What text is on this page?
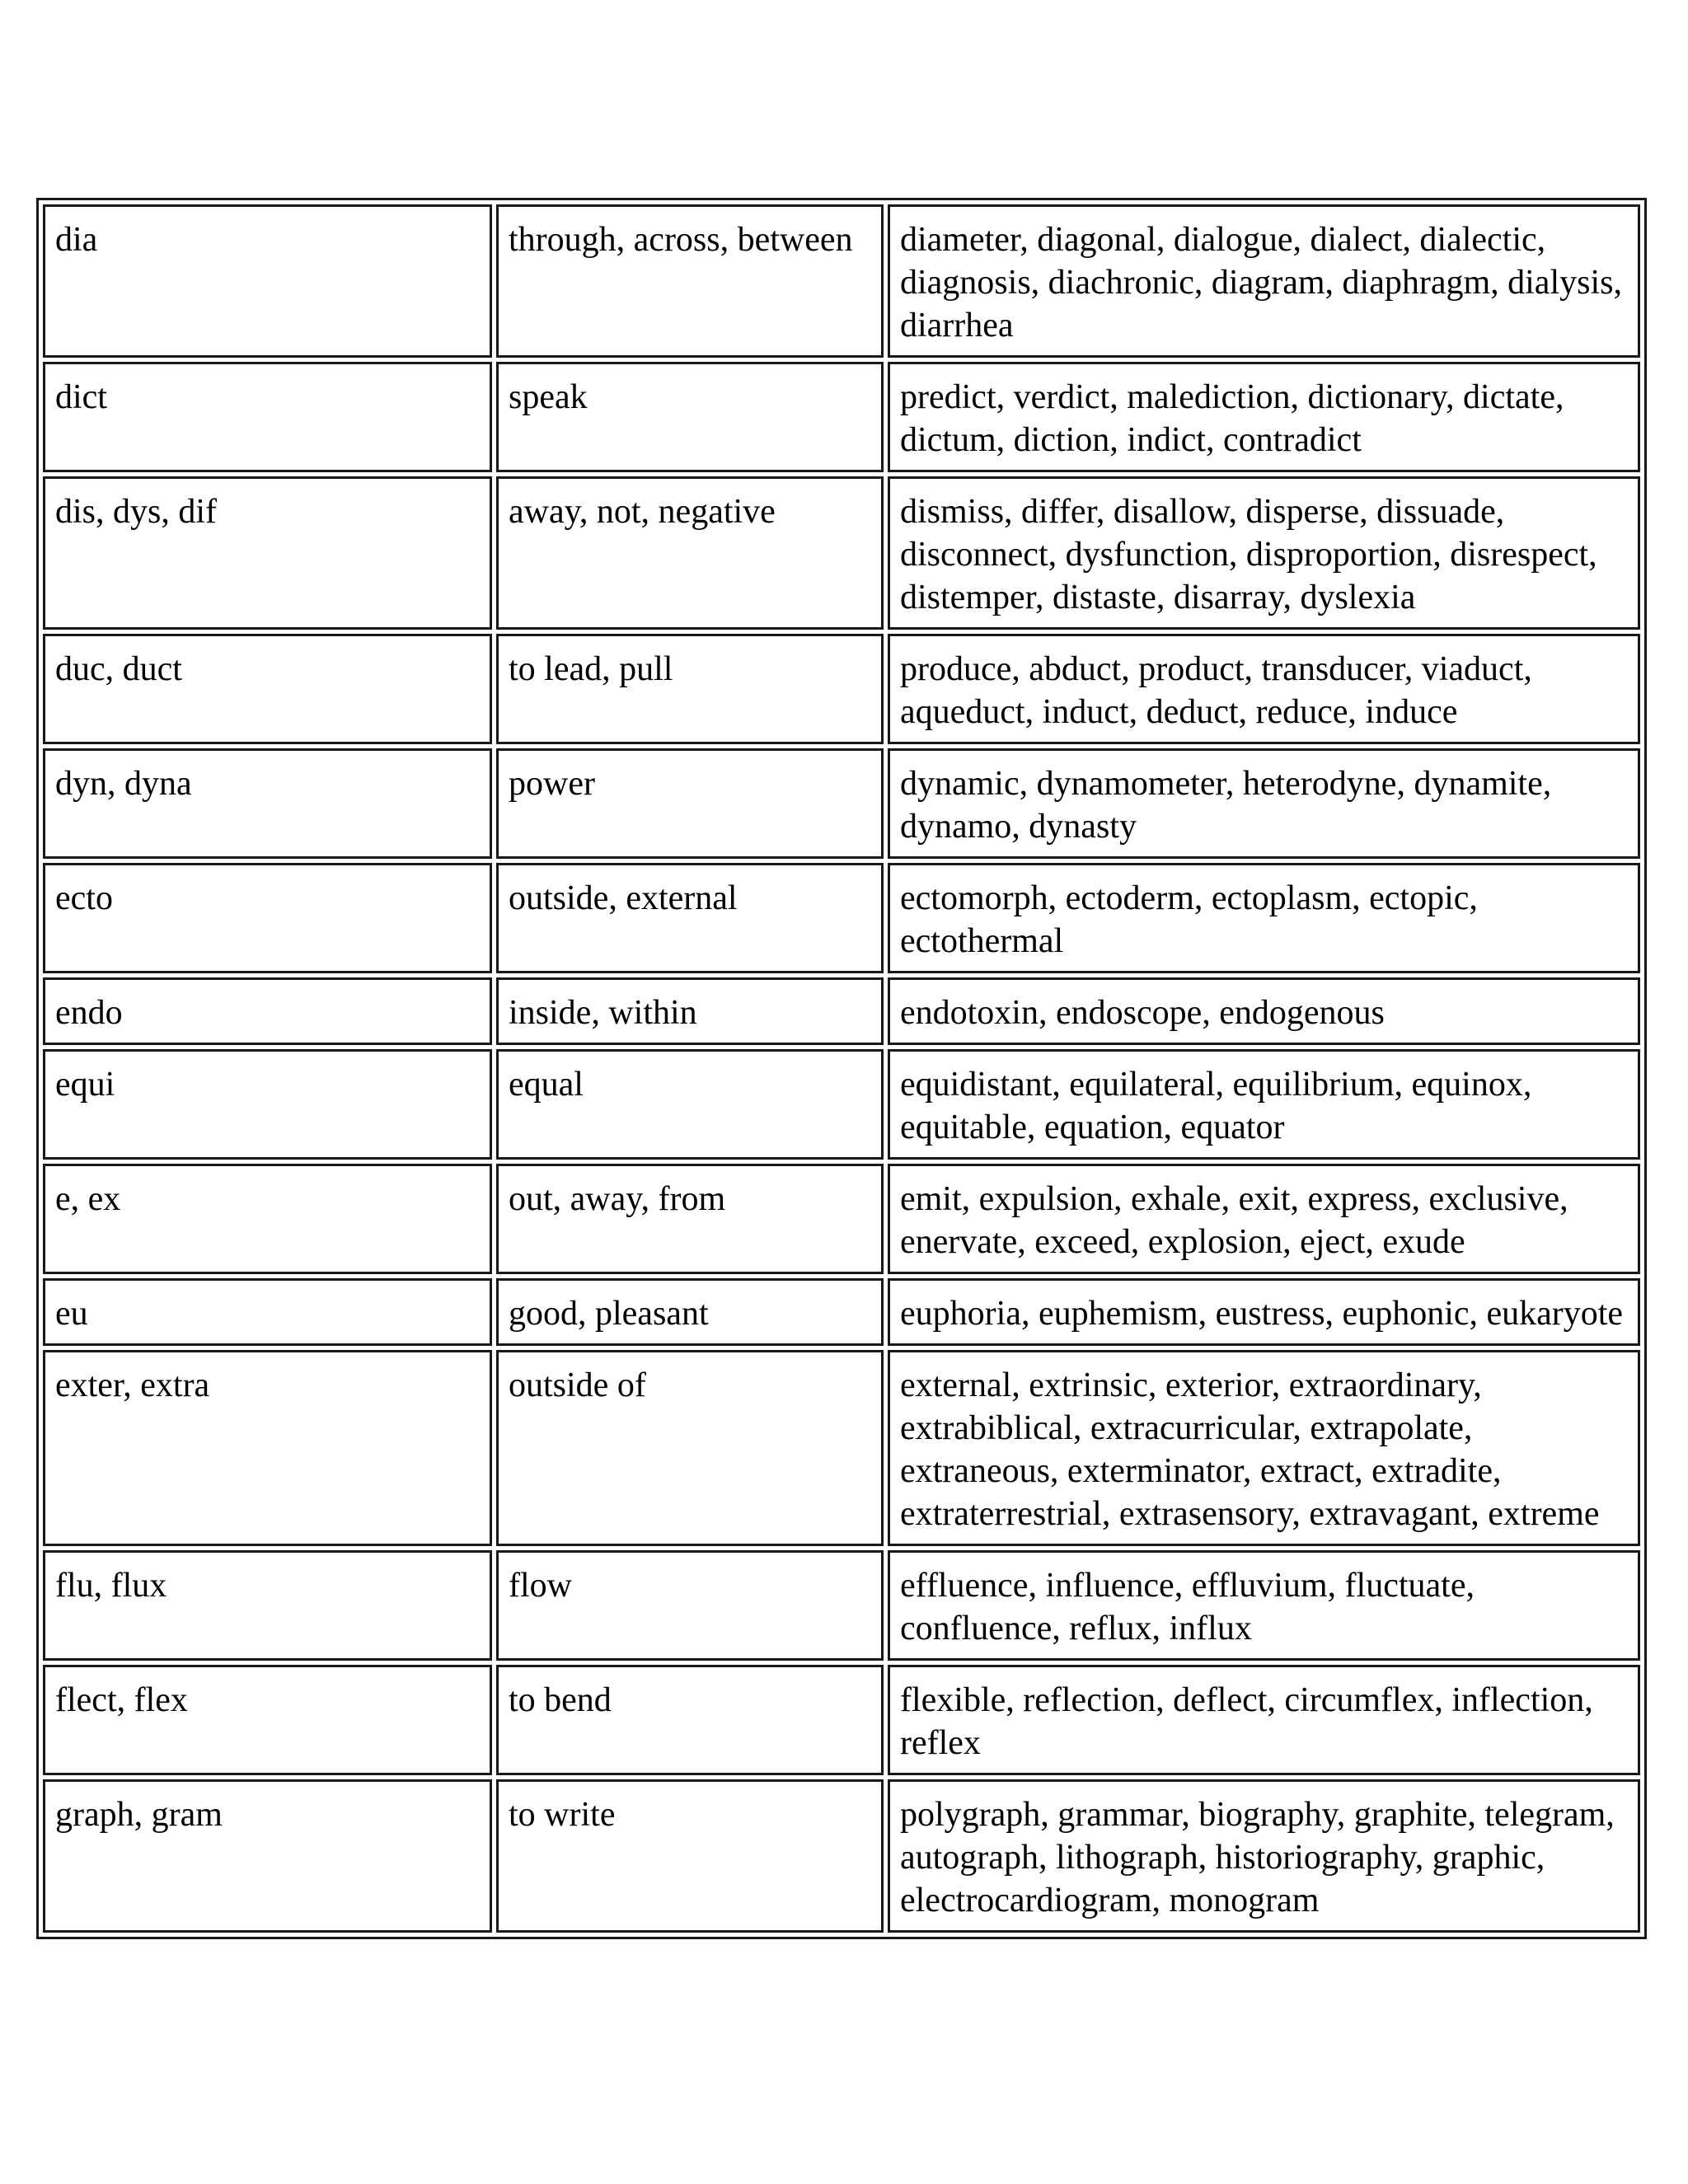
dia	through, across, between	diameter, diagonal, dialogue, dialect, dialectic, diagnosis, diachronic, diagram, diaphragm, dialysis, diarrhea
dict	speak	predict, verdict, malediction, dictionary, dictate, dictum, diction, indict, contradict
dis, dys, dif	away, not, negative	dismiss, differ, disallow, disperse, dissuade, disconnect, dysfunction, disproportion, disrespect, distemper, distaste, disarray, dyslexia
duc, duct	to lead, pull	produce, abduct, product, transducer, viaduct, aqueduct, induct, deduct, reduce, induce
dyn, dyna	power	dynamic, dynamometer, heterodyne, dynamite, dynamo, dynasty
ecto	outside, external	ectomorph, ectoderm, ectoplasm, ectopic, ectothermal
endo	inside, within	endotoxin, endoscope, endogenous
equi	equal	equidistant, equilateral, equilibrium, equinox, equitable, equation, equator
e, ex	out, away, from	emit, expulsion, exhale, exit, express, exclusive, enervate, exceed, explosion, eject, exude
eu	good, pleasant	euphoria, euphemism, eustress, euphonic, eukaryote
exter, extra	outside of	external, extrinsic, exterior, extraordinary, extrabiblical, extracurricular, extrapolate, extraneous, exterminator, extract, extradite, extraterrestrial, extrasensory, extravagant, extreme
flu, flux	flow	effluence, influence, effluvium, fluctuate, confluence, reflux, influx
flect, flex	to bend	flexible, reflection, deflect, circumflex, inflection, reflex
graph, gram	to write	polygraph, grammar, biography, graphite, telegram, autograph, lithograph, historiography, graphic, electrocardiogram, monogram
